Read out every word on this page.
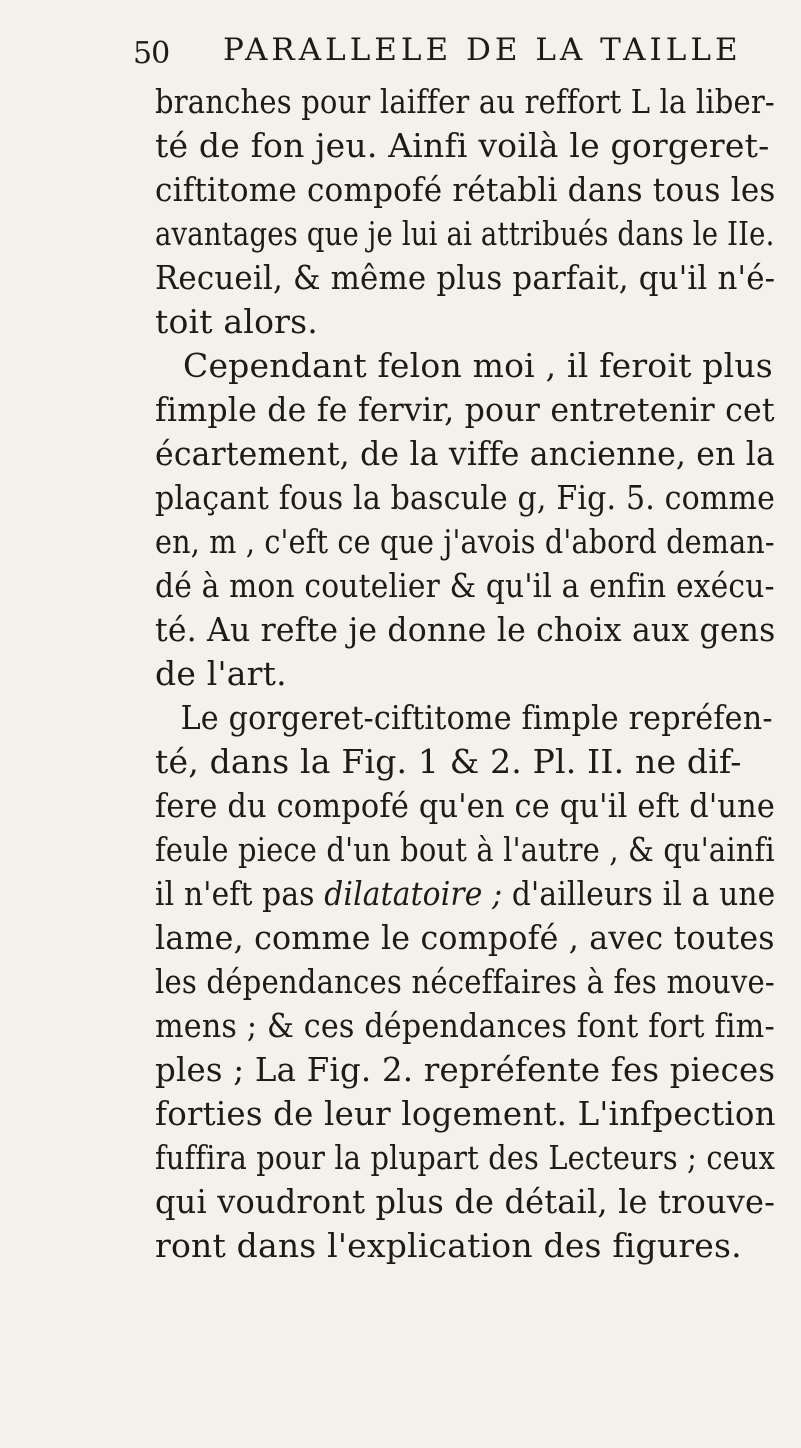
50 PARALLELE DE LA TAILLE
branches pour laiffer au reffort L la liber-
té de fon jeu. Ainfi voilà le gorgeret-
ciftitome compofé rétabli dans tous les
avantages que je lui ai attribués dans le IIe.
Recueil, & même plus parfait, qu'il n'é-
toit alors.
Cependant felon moi , il feroit plus
fimple de fe fervir, pour entretenir cet
écartement, de la viffe ancienne, en la
plaçant fous la bascule g, Fig. 5. comme
en, m , c'eft ce que j'avois d'abord deman-
dé à mon coutelier & qu'il a enfin exécu-
té. Au refte je donne le choix aux gens
de l'art.
Le gorgeret-ciftitome fimple repréfen-
té, dans la Fig. 1 & 2. Pl. II. ne dif-
fere du compofé qu'en ce qu'il eft d'une
feule piece d'un bout à l'autre , & qu'ainfi
il n'eft pas dilatatoire ; d'ailleurs il a une
lame, comme le compofé , avec toutes
les dépendances néceffaires à fes mouve-
mens ; & ces dépendances font fort fim-
ples ; La Fig. 2. repréfente fes pieces
forties de leur logement. L'infpection
fuffira pour la plupart des Lecteurs ; ceux
qui voudront plus de détail, le trouve-
ront dans l'explication des figures.
